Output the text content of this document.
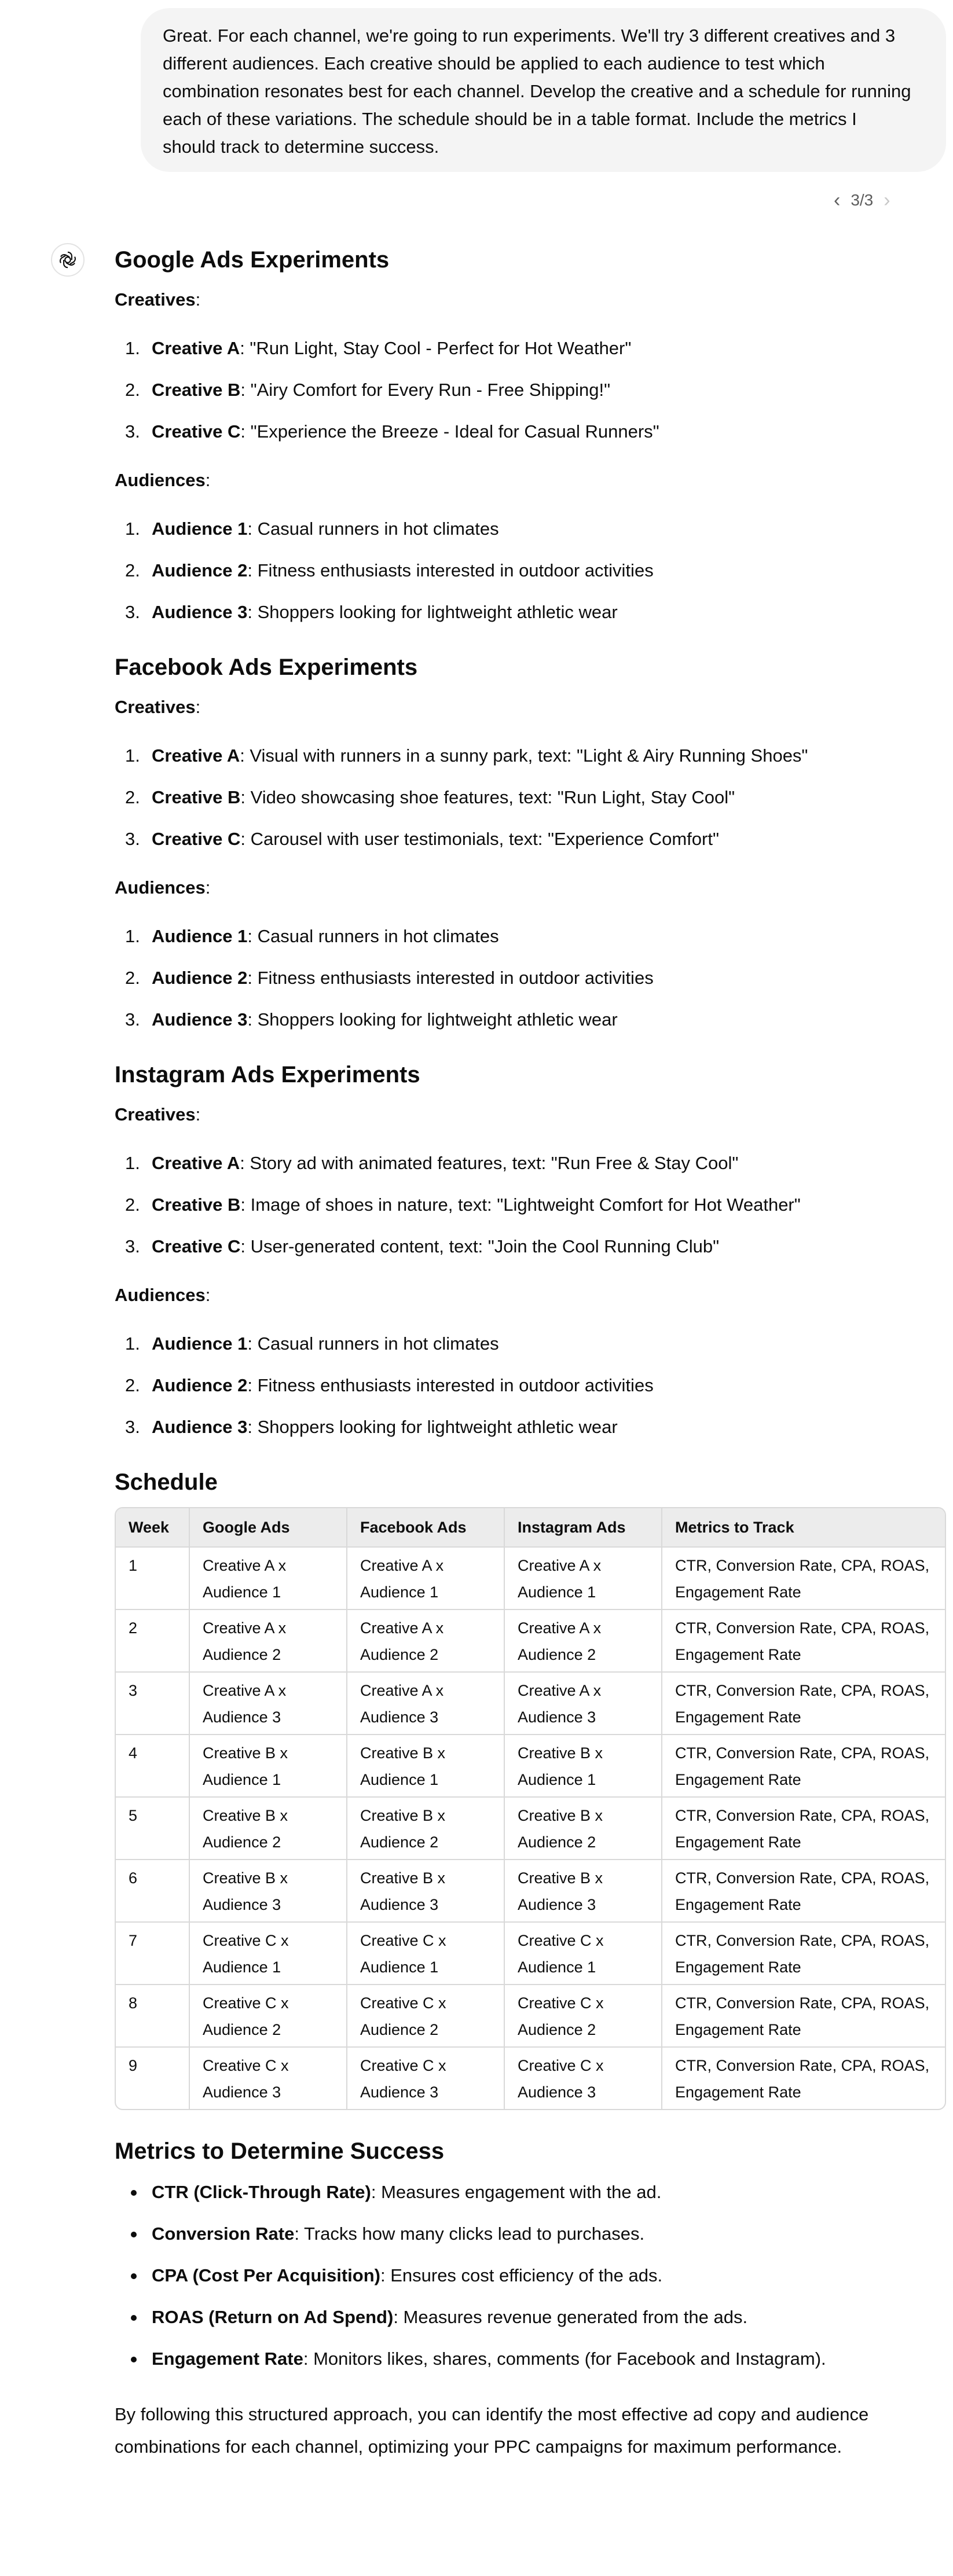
Great. For each channel, we're going to run experiments. We'll try 3 different creatives and 3 different audiences. Each creative should be applied to each audience to test which combination resonates best for each channel. Develop the creative and a schedule for running each of these variations. The schedule should be in a table format. Include the metrics I should track to determine success.
‹ 3/3 ›
Google Ads Experiments

Creatives:

1. Creative A: "Run Light, Stay Cool - Perfect for Hot Weather"
2. Creative B: "Airy Comfort for Every Run - Free Shipping!"
3. Creative C: "Experience the Breeze - Ideal for Casual Runners"

Audiences:

1. Audience 1: Casual runners in hot climates
2. Audience 2: Fitness enthusiasts interested in outdoor activities
3. Audience 3: Shoppers looking for lightweight athletic wear
Facebook Ads Experiments

Creatives:

1. Creative A: Visual with runners in a sunny park, text: "Light & Airy Running Shoes"
2. Creative B: Video showcasing shoe features, text: "Run Light, Stay Cool"
3. Creative C: Carousel with user testimonials, text: "Experience Comfort"

Audiences:

1. Audience 1: Casual runners in hot climates
2. Audience 2: Fitness enthusiasts interested in outdoor activities
3. Audience 3: Shoppers looking for lightweight athletic wear
Instagram Ads Experiments

Creatives:

1. Creative A: Story ad with animated features, text: "Run Free & Stay Cool"
2. Creative B: Image of shoes in nature, text: "Lightweight Comfort for Hot Weather"
3. Creative C: User-generated content, text: "Join the Cool Running Club"

Audiences:

1. Audience 1: Casual runners in hot climates
2. Audience 2: Fitness enthusiasts interested in outdoor activities
3. Audience 3: Shoppers looking for lightweight athletic wear
Schedule
Week	Google Ads	Facebook Ads	Instagram Ads	Metrics to Track
1	Creative A x Audience 1	Creative A x Audience 1	Creative A x Audience 1	CTR, Conversion Rate, CPA, ROAS, Engagement Rate
2	Creative A x Audience 2	Creative A x Audience 2	Creative A x Audience 2	CTR, Conversion Rate, CPA, ROAS, Engagement Rate
3	Creative A x Audience 3	Creative A x Audience 3	Creative A x Audience 3	CTR, Conversion Rate, CPA, ROAS, Engagement Rate
4	Creative B x Audience 1	Creative B x Audience 1	Creative B x Audience 1	CTR, Conversion Rate, CPA, ROAS, Engagement Rate
5	Creative B x Audience 2	Creative B x Audience 2	Creative B x Audience 2	CTR, Conversion Rate, CPA, ROAS, Engagement Rate
6	Creative B x Audience 3	Creative B x Audience 3	Creative B x Audience 3	CTR, Conversion Rate, CPA, ROAS, Engagement Rate
7	Creative C x Audience 1	Creative C x Audience 1	Creative C x Audience 1	CTR, Conversion Rate, CPA, ROAS, Engagement Rate
8	Creative C x Audience 2	Creative C x Audience 2	Creative C x Audience 2	CTR, Conversion Rate, CPA, ROAS, Engagement Rate
9	Creative C x Audience 3	Creative C x Audience 3	Creative C x Audience 3	CTR, Conversion Rate, CPA, ROAS, Engagement Rate
Metrics to Determine Success
CTR (Click-Through Rate): Measures engagement with the ad.
Conversion Rate: Tracks how many clicks lead to purchases.
CPA (Cost Per Acquisition): Ensures cost efficiency of the ads.
ROAS (Return on Ad Spend): Measures revenue generated from the ads.
Engagement Rate: Monitors likes, shares, comments (for Facebook and Instagram).

By following this structured approach, you can identify the most effective ad copy and audience combinations for each channel, optimizing your PPC campaigns for maximum performance.
